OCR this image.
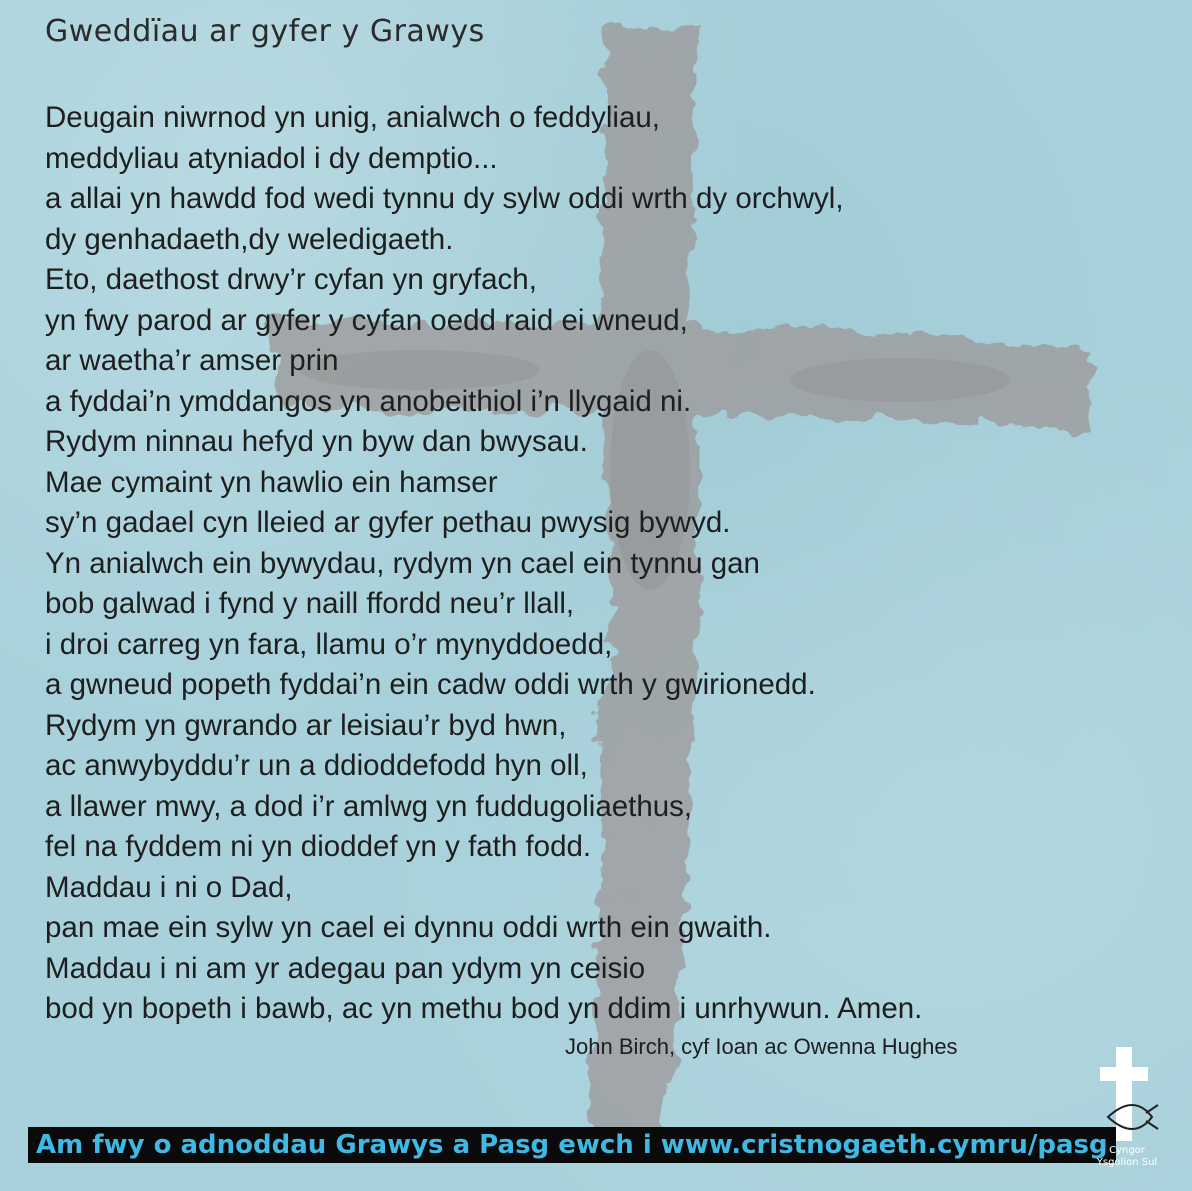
Gweddïau ar gyfer y Grawys
Deugain niwrnod yn unig, anialwch o feddyliau,
meddyliau atyniadol i dy demptio...
a allai yn hawdd fod wedi tynnu dy sylw oddi wrth dy orchwyl,
dy genhadaeth,dy weledigaeth.
Eto, daethost drwy’r cyfan yn gryfach,
yn fwy parod ar gyfer y cyfan oedd raid ei wneud,
ar waetha’r amser prin
a fyddai’n ymddangos yn anobeithiol i’n llygaid ni.
Rydym ninnau hefyd yn byw dan bwysau.
Mae cymaint yn hawlio ein hamser
sy’n gadael cyn lleied ar gyfer pethau pwysig bywyd.
Yn anialwch ein bywydau, rydym yn cael ein tynnu gan
bob galwad i fynd y naill ffordd neu’r llall,
i droi carreg yn fara, llamu o’r mynyddoedd,
a gwneud popeth fyddai’n ein cadw oddi wrth y gwirionedd.
Rydym yn gwrando ar leisiau’r byd hwn,
ac anwybyddu’r un a ddioddefodd hyn oll,
a llawer mwy, a dod i’r amlwg yn fuddugoliaethus,
fel na fyddem ni yn dioddef yn y fath fodd.
Maddau i ni o Dad,
pan mae ein sylw yn cael ei dynnu oddi wrth ein gwaith.
Maddau i ni am yr adegau pan ydym yn ceisio
bod yn bopeth i bawb, ac yn methu bod yn ddim i unrhywun. Amen.
John Birch, cyf Ioan ac Owenna Hughes
Am fwy o adnoddau Grawys a Pasg ewch i www.cristnogaeth.cymru/pasg Cyngor
Ysgolion Sul
